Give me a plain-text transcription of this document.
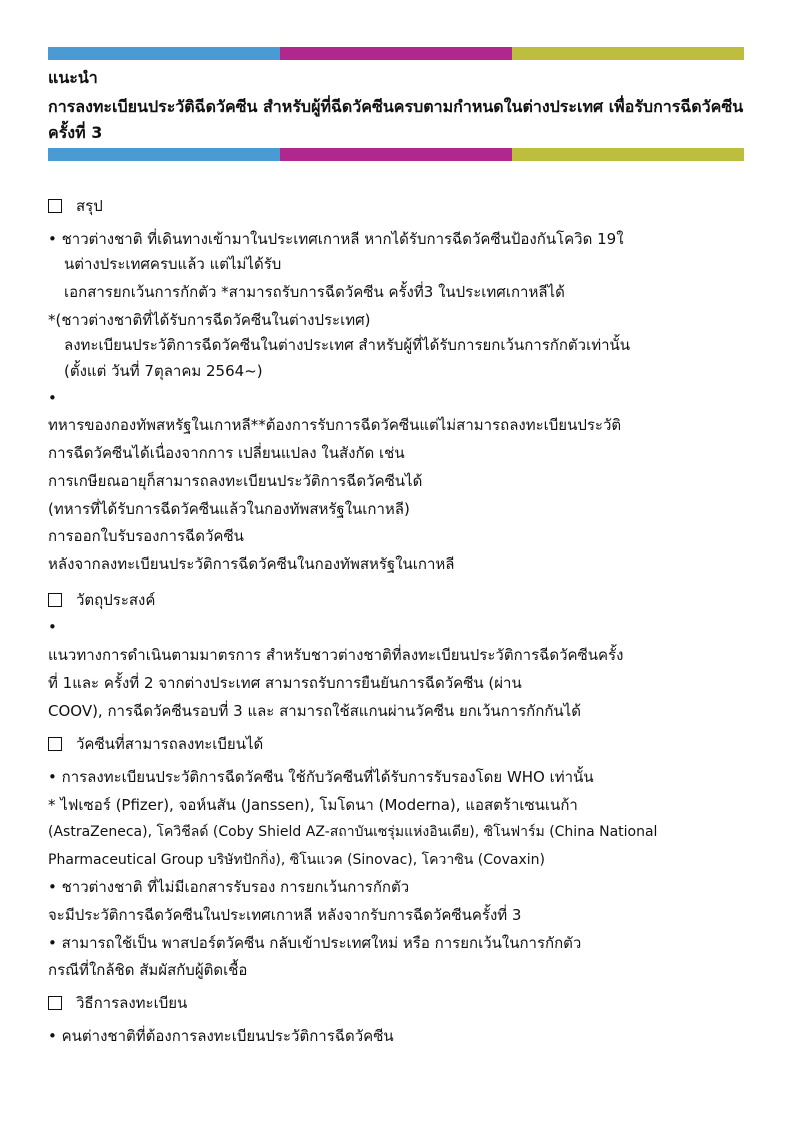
แนะนำ

การลงทะเบียนประวัติฉีดวัคซีน สำหรับผู้ที่ฉีดวัคซีนครบตามกำหนดในต่างประเทศ เพื่อรับการฉีดวัคซีนครั้งที่ 3

สรุป

• ชาวต่างชาติ ที่เดินทางเข้ามาในประเทศเกาหลี หากได้รับการฉีดวัคซีนป้องกันโควิด 19ใ

นต่างประเทศครบแล้ว แต่ไม่ได้รับ

เอกสารยกเว้นการกักตัว *สามารถรับการฉีดวัคซีน ครั้งที่3 ในประเทศเกาหลีได้

*(ชาวต่างชาติที่ได้รับการฉีดวัคซีนในต่างประเทศ)

ลงทะเบียนประวัติการฉีดวัคซีนในต่างประเทศ สำหรับผู้ที่ได้รับการยกเว้นการกักตัวเท่านั้น

(ตั้งแต่ วันที่ 7ตุลาคม 2564~)

•

ทหารของกองทัพสหรัฐในเกาหลี**ต้องการรับการฉีดวัคซีนแต่ไม่สามารถลงทะเบียนประวัติ

การฉีดวัคซีนได้เนื่องจากการ เปลี่ยนแปลง ในสังกัด เช่น

การเกษียณอายุก็สามารถลงทะเบียนประวัติการฉีดวัคซีนได้

(ทหารที่ได้รับการฉีดวัคซีนแล้วในกองทัพสหรัฐในเกาหลี)

การออกใบรับรองการฉีดวัคซีน

หลังจากลงทะเบียนประวัติการฉีดวัคซีนในกองทัพสหรัฐในเกาหลี

วัตถุประสงค์

•

แนวทางการดำเนินตามมาตรการ สำหรับชาวต่างชาติที่ลงทะเบียนประวัติการฉีดวัคซีนครั้ง

ที่ 1และ ครั้งที่ 2 จากต่างประเทศ สามารถรับการยืนยันการฉีดวัคซีน (ผ่าน

COOV), การฉีดวัคซีนรอบที่ 3 และ สามารถใช้สแกนผ่านวัคซีน ยกเว้นการกักกันได้

วัคซีนที่สามารถลงทะเบียนได้

• การลงทะเบียนประวัติการฉีดวัคซีน ใช้กับวัคซีนที่ได้รับการรับรองโดย WHO เท่านั้น

* ไฟเซอร์ (Pfizer), จอห์นสัน (Janssen), โมโดนา (Moderna), แอสตร้าเซนเนก้า

(AstraZeneca), โควิชีลด์ (Coby Shield AZ-สถาบันเซรุ่มแห่งอินเดีย), ซิโนฟาร์ม (China National

Pharmaceutical Group บริษัทปักกิ่ง), ซิโนแวค (Sinovac), โควาซิน (Covaxin)

• ชาวต่างชาติ ที่ไม่มีเอกสารรับรอง การยกเว้นการกักตัว

จะมีประวัติการฉีดวัคซีนในประเทศเกาหลี หลังจากรับการฉีดวัคซีนครั้งที่ 3

• สามารถใช้เป็น พาสปอร์ตวัคซีน กลับเข้าประเทศใหม่ หรือ การยกเว้นในการกักตัว

กรณีที่ใกล้ชิด สัมผัสกับผู้ติดเชื้อ

วิธีการลงทะเบียน

• คนต่างชาติที่ต้องการลงทะเบียนประวัติการฉีดวัคซีน
